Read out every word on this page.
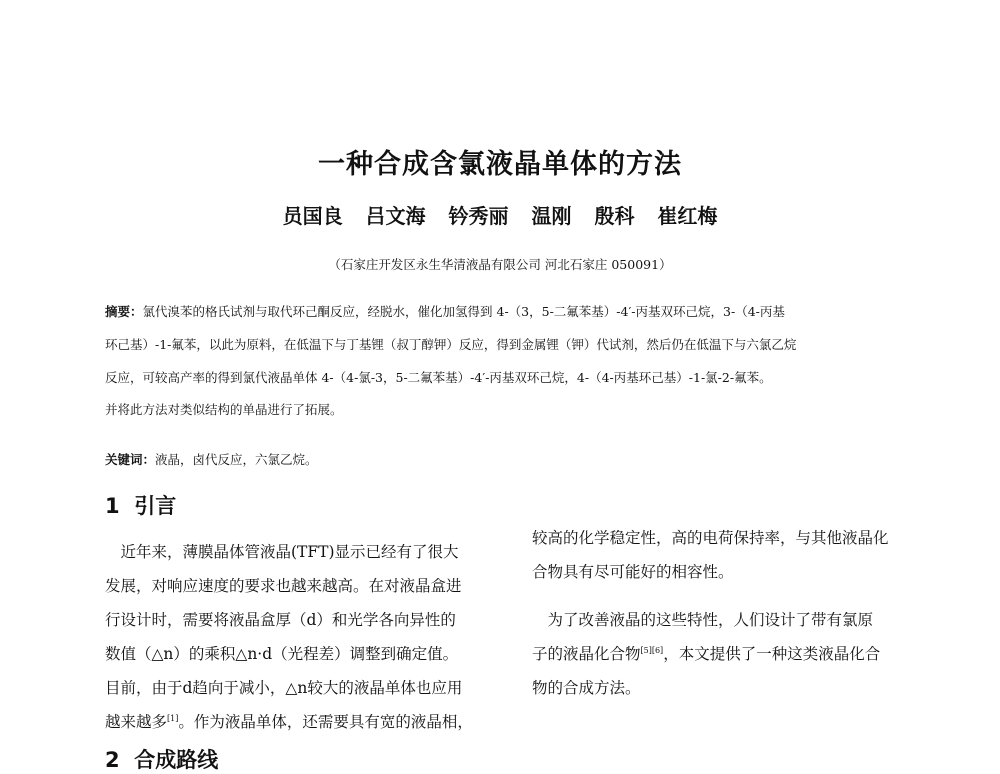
一种合成含氯液晶单体的方法
员国良 吕文海 钤秀丽 温刚 殷科 崔红梅
（石家庄开发区永生华清液晶有限公司 河北石家庄 050091）
摘要：氯代溴苯的格氏试剂与取代环己酮反应，经脱水，催化加氢得到 4-（3，5-二氟苯基）-4′-丙基双环己烷，3-（4-丙基
环己基）-1-氟苯，以此为原料，在低温下与丁基锂（叔丁醇钾）反应，得到金属锂（钾）代试剂，然后仍在低温下与六氯乙烷
反应，可较高产率的得到氯代液晶单体 4-（4-氯-3，5-二氟苯基）-4′-丙基双环己烷，4-（4-丙基环己基）-1-氯-2-氟苯。
并将此方法对类似结构的单晶进行了拓展。
关键词：液晶，卤代反应，六氯乙烷。
1 引言
　近年来，薄膜晶体管液晶(TFT)显示已经有了很大
发展，对响应速度的要求也越来越高。在对液晶盒进
行设计时，需要将液晶盒厚（d）和光学各向异性的
数值（△n）的乘积△n·d（光程差）调整到确定值。
目前，由于d趋向于减小，△n较大的液晶单体也应用
越来越多[1]。作为液晶单体，还需要具有宽的液晶相，
较高的化学稳定性，高的电荷保持率，与其他液晶化
合物具有尽可能好的相容性。
　为了改善液晶的这些特性，人们设计了带有氯原
子的液晶化合物[5][6]，本文提供了一种这类液晶化合
物的合成方法。
2 合成路线
